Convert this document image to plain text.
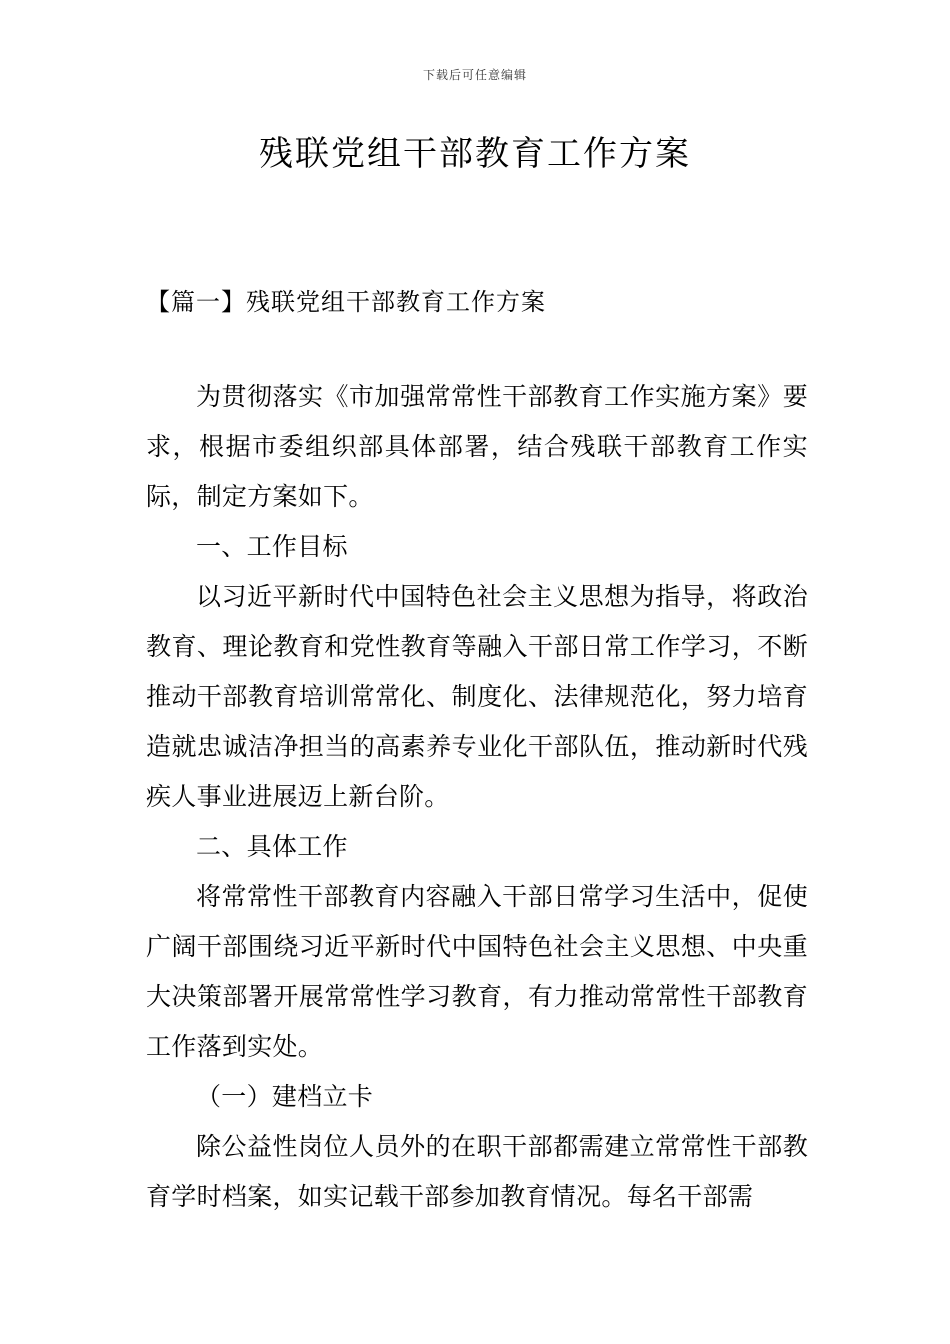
下载后可任意编辑
残联党组干部教育工作方案
【篇一】残联党组干部教育工作方案

为贯彻落实《市加强常常性干部教育工作实施方案》要求，根据市委组织部具体部署，结合残联干部教育工作实际，制定方案如下。

一、工作目标

以习近平新时代中国特色社会主义思想为指导，将政治教育、理论教育和党性教育等融入干部日常工作学习，不断推动干部教育培训常常化、制度化、法律规范化，努力培育造就忠诚洁净担当的高素养专业化干部队伍，推动新时代残疾人事业进展迈上新台阶。

二、具体工作

将常常性干部教育内容融入干部日常学习生活中，促使广阔干部围绕习近平新时代中国特色社会主义思想、中央重大决策部署开展常常性学习教育，有力推动常常性干部教育工作落到实处。

（一）建档立卡

除公益性岗位人员外的在职干部都需建立常常性干部教育学时档案，如实记载干部参加教育情况。每名干部需
